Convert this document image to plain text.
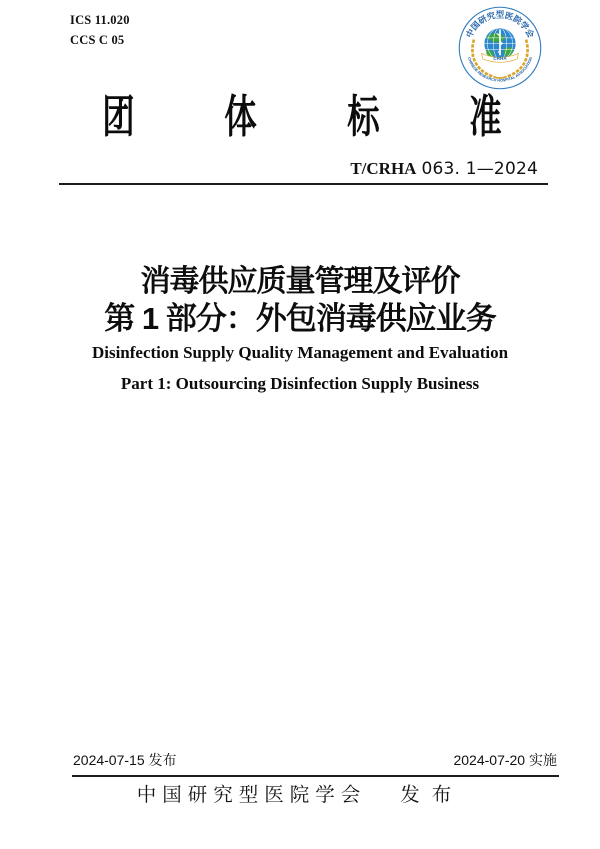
ICS 11.020
CCS C 05
CRHA
中国研究型医院学会
CHINESE RESEARCH HOSPITAL ASSOCIATION
团 体 标 准
T/CRHA 063. 1—2024
消毒供应质量管理及评价
第 1 部分：外包消毒供应业务
Disinfection Supply Quality Management and Evaluation
Part 1: Outsourcing Disinfection Supply Business
2024-07-15 发布	2024-07-20 实施
中国研究型医院学会 发布
